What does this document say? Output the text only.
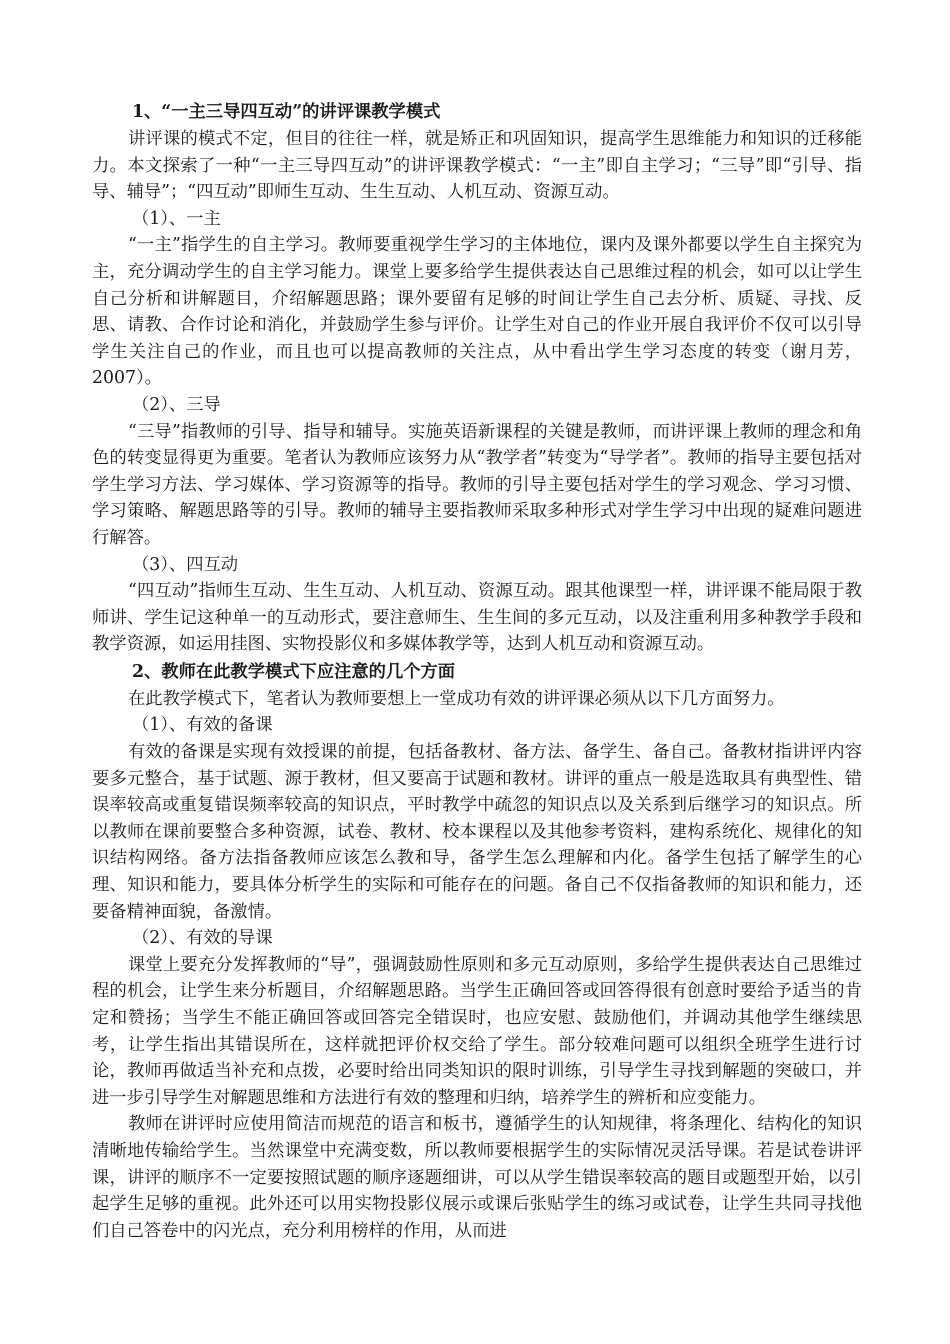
1、“一主三导四互动”的讲评课教学模式

讲评课的模式不定，但目的往往一样，就是矫正和巩固知识，提高学生思维能力和知识的迁移能力。本文探索了一种“一主三导四互动”的讲评课教学模式：“一主”即自主学习；“三导”即“引导、指导、辅导”；“四互动”即师生互动、生生互动、人机互动、资源互动。

（1）、一主

“一主”指学生的自主学习。教师要重视学生学习的主体地位，课内及课外都要以学生自主探究为主，充分调动学生的自主学习能力。课堂上要多给学生提供表达自己思维过程的机会，如可以让学生自己分析和讲解题目，介绍解题思路；课外要留有足够的时间让学生自己去分析、质疑、寻找、反思、请教、合作讨论和消化，并鼓励学生参与评价。让学生对自己的作业开展自我评价不仅可以引导学生关注自己的作业，而且也可以提高教师的关注点，从中看出学生学习态度的转变（谢月芳，2007）。

（2）、三导

“三导”指教师的引导、指导和辅导。实施英语新课程的关键是教师，而讲评课上教师的理念和角色的转变显得更为重要。笔者认为教师应该努力从“教学者”转变为“导学者”。教师的指导主要包括对学生学习方法、学习媒体、学习资源等的指导。教师的引导主要包括对学生的学习观念、学习习惯、学习策略、解题思路等的引导。教师的辅导主要指教师采取多种形式对学生学习中出现的疑难问题进行解答。

（3）、四互动

“四互动”指师生互动、生生互动、人机互动、资源互动。跟其他课型一样，讲评课不能局限于教师讲、学生记这种单一的互动形式，要注意师生、生生间的多元互动，以及注重利用多种教学手段和教学资源，如运用挂图、实物投影仪和多媒体教学等，达到人机互动和资源互动。

2、教师在此教学模式下应注意的几个方面

在此教学模式下，笔者认为教师要想上一堂成功有效的讲评课必须从以下几方面努力。

（1）、有效的备课

有效的备课是实现有效授课的前提，包括备教材、备方法、备学生、备自己。备教材指讲评内容要多元整合，基于试题、源于教材，但又要高于试题和教材。讲评的重点一般是选取具有典型性、错误率较高或重复错误频率较高的知识点，平时教学中疏忽的知识点以及关系到后继学习的知识点。所以教师在课前要整合多种资源，试卷、教材、校本课程以及其他参考资料，建构系统化、规律化的知识结构网络。备方法指备教师应该怎么教和导，备学生怎么理解和内化。备学生包括了解学生的心理、知识和能力，要具体分析学生的实际和可能存在的问题。备自己不仅指备教师的知识和能力，还要备精神面貌，备激情。

（2）、有效的导课

课堂上要充分发挥教师的“导”，强调鼓励性原则和多元互动原则，多给学生提供表达自己思维过程的机会，让学生来分析题目，介绍解题思路。当学生正确回答或回答得很有创意时要给予适当的肯定和赞扬；当学生不能正确回答或回答完全错误时，也应安慰、鼓励他们，并调动其他学生继续思考，让学生指出其错误所在，这样就把评价权交给了学生。部分较难问题可以组织全班学生进行讨论，教师再做适当补充和点拨，必要时给出同类知识的限时训练，引导学生寻找到解题的突破口，并进一步引导学生对解题思维和方法进行有效的整理和归纳，培养学生的辨析和应变能力。

教师在讲评时应使用简洁而规范的语言和板书，遵循学生的认知规律，将条理化、结构化的知识清晰地传输给学生。当然课堂中充满变数，所以教师要根据学生的实际情况灵活导课。若是试卷讲评课，讲评的顺序不一定要按照试题的顺序逐题细讲，可以从学生错误率较高的题目或题型开始，以引起学生足够的重视。此外还可以用实物投影仪展示或课后张贴学生的练习或试卷，让学生共同寻找他们自己答卷中的闪光点，充分利用榜样的作用，从而进
